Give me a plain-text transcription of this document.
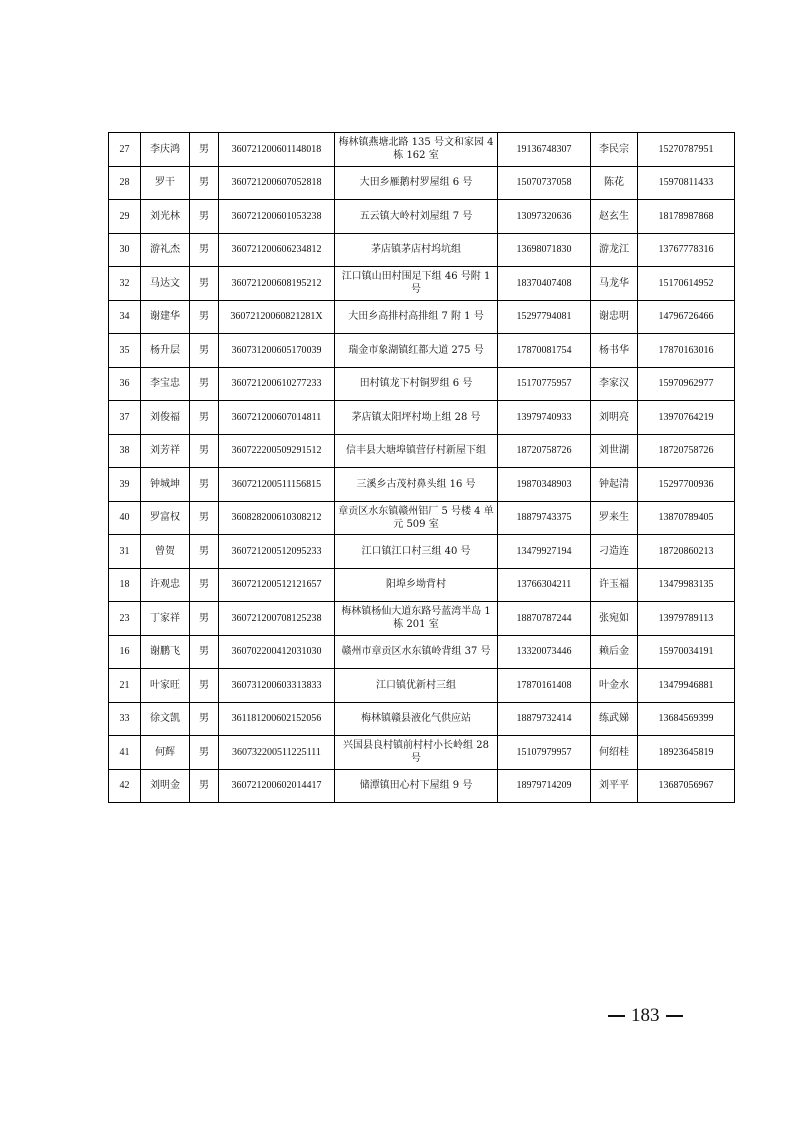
27	李庆鸿	男	360721200601148018	梅林镇燕塘北路 135 号文和家园 4 栋 162 室	19136748307	李民宗	15270787951
28	罗干	男	360721200607052818	大田乡雁鹅村罗屋组 6 号	15070737058	陈花	15970811433
29	刘光林	男	360721200601053238	五云镇大岭村刘屋组 7 号	13097320636	赵玄生	18178987868
30	游礼杰	男	360721200606234812	茅店镇茅店村坞坑组	13698071830	游龙江	13767778316
32	马达文	男	360721200608195212	江口镇山田村围足下组 46 号附 1 号	18370407408	马龙华	15170614952
34	谢建华	男	36072120060821281X	大田乡高排村高排组 7 附 1 号	15297794081	谢忠明	14796726466
35	杨升层	男	360731200605170039	瑞金市象湖镇红都大道 275 号	17870081754	杨书华	17870163016
36	李宝忠	男	360721200610277233	田村镇龙下村铜罗组 6 号	15170775957	李家汉	15970962977
37	刘俊福	男	360721200607014811	茅店镇太阳坪村坳上组 28 号	13979740933	刘明亮	13970764219
38	刘芳祥	男	360722200509291512	信丰县大塘埠镇营仔村新屋下组	18720758726	刘世湖	18720758726
39	钟城坤	男	360721200511156815	三溪乡古茂村鼻头组 16 号	19870348903	钟起清	15297700936
40	罗富权	男	360828200610308212	章贡区水东镇赣州铝厂 5 号楼 4 单元 509 室	18879743375	罗来生	13870789405
31	曾贺	男	360721200512095233	江口镇江口村三组 40 号	13479927194	刁造连	18720860213
18	许观忠	男	360721200512121657	阳埠乡坳背村	13766304211	许玉福	13479983135
23	丁家祥	男	360721200708125238	梅林镇杨仙大道东路号蓝湾半岛 1 栋 201 室	18870787244	张宛如	13979789113
16	谢鹏飞	男	360702200412031030	赣州市章贡区水东镇岭背组 37 号	13320073446	赖后金	15970034191
21	叶家旺	男	360731200603313833	江口镇优新村三组	17870161408	叶金水	13479946881
33	徐文凯	男	361181200602152056	梅林镇赣县液化气供应站	18879732414	练武娣	13684569399
41	何辉	男	360732200511225111	兴国县良村镇前村村小长岭组 28 号	15107979957	何绍桂	18923645819
42	刘明金	男	360721200602014417	储潭镇田心村下屋组 9 号	18979714209	刘平平	13687056967
183
